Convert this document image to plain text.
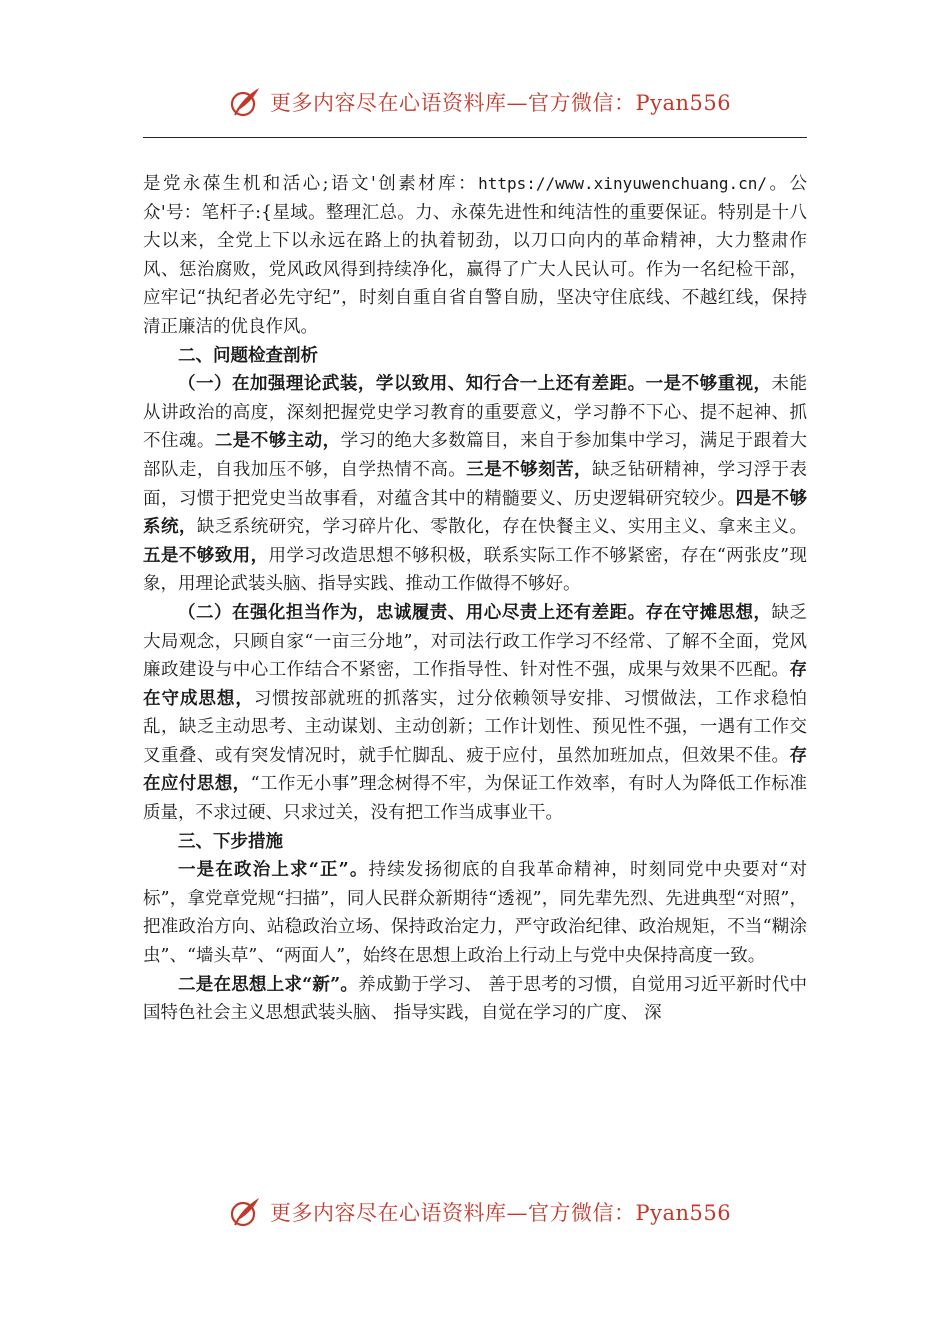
更多内容尽在心语资料库—官方微信：Pyan556

是党永葆生机和活心;语文'创素材库：https://www.xinyuwenchuang.cn/。公众'号：笔杆子:{星域。整理汇总。力、永葆先进性和纯洁性的重要保证。特别是十八大以来，全党上下以永远在路上的执着韧劲，以刀口向内的革命精神，大力整肃作风、惩治腐败，党风政风得到持续净化，赢得了广大人民认可。作为一名纪检干部，应牢记“执纪者必先守纪”，时刻自重自省自警自励，坚决守住底线、不越红线，保持清正廉洁的优良作风。

二、问题检查剖析

（一）在加强理论武装，学以致用、知行合一上还有差距。一是不够重视，未能从讲政治的高度，深刻把握党史学习教育的重要意义，学习静不下心、提不起神、抓不住魂。二是不够主动，学习的绝大多数篇目，来自于参加集中学习，满足于跟着大部队走，自我加压不够，自学热情不高。三是不够刻苦，缺乏钻研精神，学习浮于表面，习惯于把党史当故事看，对蕴含其中的精髓要义、历史逻辑研究较少。四是不够系统，缺乏系统研究，学习碎片化、零散化，存在快餐主义、实用主义、拿来主义。五是不够致用，用学习改造思想不够积极，联系实际工作不够紧密，存在“两张皮”现象，用理论武装头脑、指导实践、推动工作做得不够好。

（二）在强化担当作为，忠诚履责、用心尽责上还有差距。存在守摊思想，缺乏大局观念，只顾自家“一亩三分地”，对司法行政工作学习不经常、了解不全面，党风廉政建设与中心工作结合不紧密，工作指导性、针对性不强，成果与效果不匹配。存在守成思想，习惯按部就班的抓落实，过分依赖领导安排、习惯做法，工作求稳怕乱，缺乏主动思考、主动谋划、主动创新；工作计划性、预见性不强，一遇有工作交叉重叠、或有突发情况时，就手忙脚乱、疲于应付，虽然加班加点，但效果不佳。存在应付思想，“工作无小事”理念树得不牢，为保证工作效率，有时人为降低工作标准质量，不求过硬、只求过关，没有把工作当成事业干。

三、下步措施

一是在政治上求“正”。持续发扬彻底的自我革命精神，时刻同党中央要对“对标”，拿党章党规“扫描”，同人民群众新期待“透视”，同先辈先烈、先进典型“对照”，把准政治方向、站稳政治立场、保持政治定力，严守政治纪律、政治规矩，不当“糊涂虫”、“墙头草”、“两面人”，始终在思想上政治上行动上与党中央保持高度一致。

二是在思想上求“新”。养成勤于学习、 善于思考的习惯，自觉用习近平新时代中国特色社会主义思想武装头脑、 指导实践，自觉在学习的广度、 深

更多内容尽在心语资料库—官方微信：Pyan556
